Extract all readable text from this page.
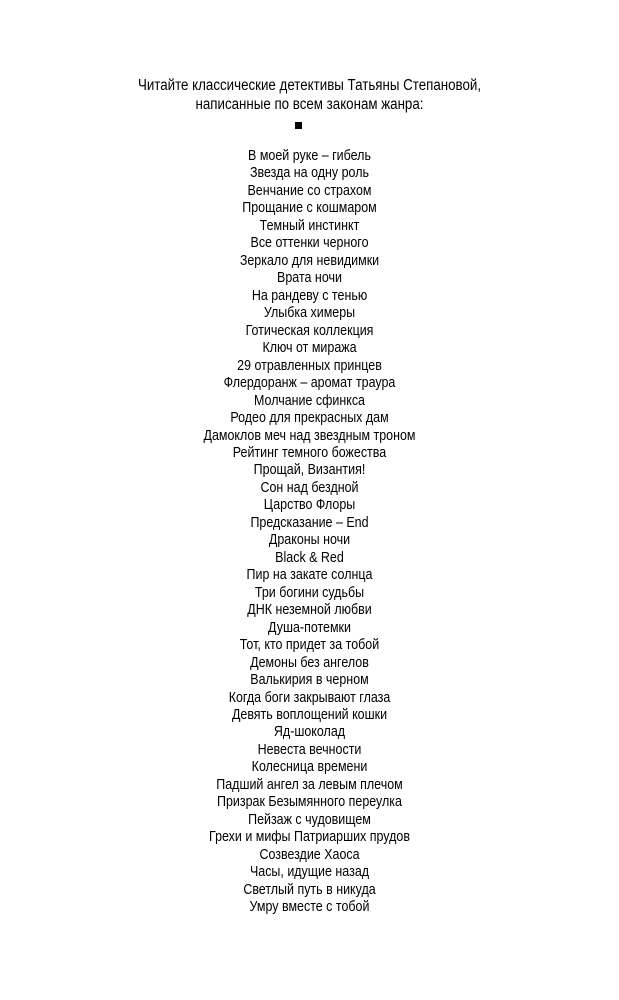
Читайте классические детективы Татьяны Степановой,
написанные по всем законам жанра:
В моей руке – гибель
Звезда на одну роль
Венчание со страхом
Прощание с кошмаром
Темный инстинкт
Все оттенки черного
Зеркало для невидимки
Врата ночи
На рандеву с тенью
Улыбка химеры
Готическая коллекция
Ключ от миража
29 отравленных принцев
Флердоранж – аромат траура
Молчание сфинкса
Родео для прекрасных дам
Дамоклов меч над звездным троном
Рейтинг темного божества
Прощай, Византия!
Сон над бездной
Царство Флоры
Предсказание – End
Драконы ночи
Black & Red
Пир на закате солнца
Три богини судьбы
ДНК неземной любви
Душа-потемки
Тот, кто придет за тобой
Демоны без ангелов
Валькирия в черном
Когда боги закрывают глаза
Девять воплощений кошки
Яд-шоколад
Невеста вечности
Колесница времени
Падший ангел за левым плечом
Призрак Безымянного переулка
Пейзаж с чудовищем
Грехи и мифы Патриарших прудов
Созвездие Хаоса
Часы, идущие назад
Светлый путь в никуда
Умру вместе с тобой
